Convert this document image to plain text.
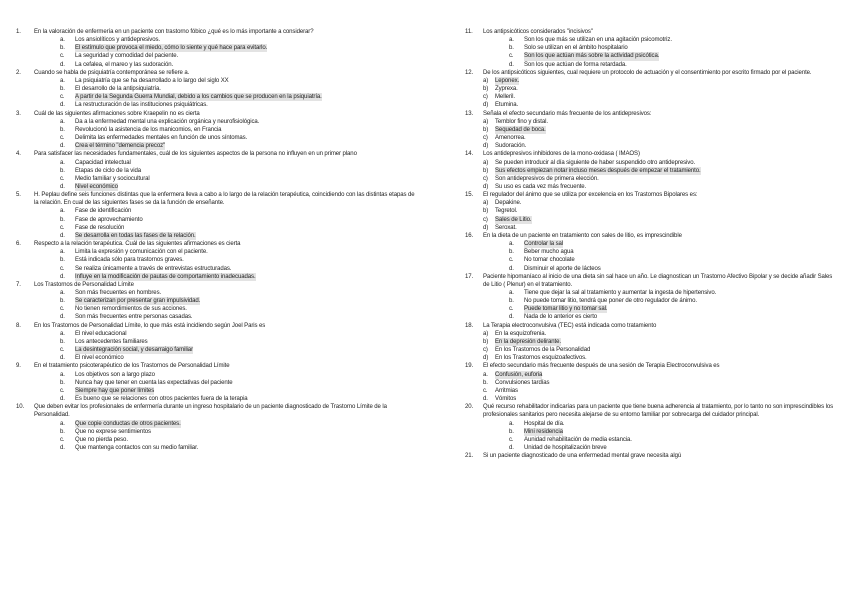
1.	En la valoración de enfermería en un paciente con trastorno fóbico ¿qué es lo más importante a considerar?
a.	Los ansiolíticos y antidepresivos.
b.	El estímulo que provoca el miedo, cómo lo siente y qué hace para evitarlo.
c.	La seguridad y comodidad del paciente.
d.	La cefalea, el mareo y las sudoración.
2.	Cuando se habla de psiquiatría contemporánea se refiere a.
a.	La psiquiatría que se ha desarrollado a lo largo del siglo XX
b.	El desarrollo de la antipsiquiatría.
c.	A partir de la Segunda Guerra Mundial, debido a los cambios que se producen en la psiquiatría.
d.	La restructuración de las instituciones psiquiátricas.
3.	Cuál de las siguientes afirmaciones sobre Kraepelin no es cierta
a.	Da a la enfermedad mental una explicación orgánica y neurofisiológica.
b.	Revolucionó la asistencia de los manicomios, en Francia
c.	Delimita las enfermedades mentales en función de unos síntomas.
d.	Crea el término "demencia precoz"
4.	Para satisfacer las necesidades fundamentales, cuál de los siguientes aspectos de la persona no influyen en un primer plano
a.	Capacidad intelectual
b.	Etapas de ciclo de la vida
c.	Medio familiar y sociocultural
d.	Nivel económico
5.	H. Peplau define seis funciones distintas que la enfermera lleva a cabo a lo largo de la relación terapéutica, coincidiendo con las distintas etapas de la relación. En cual de las siguientes fases se da la función de enseñante.
a.	Fase de identificación
b.	Fase de aprovechamiento
c.	Fase de resolución
d.	Se desarrolla en todas las fases de la relación.
6.	Respecto a la relación terapéutica. Cuál de las siguientes afirmaciones es cierta
a.	Limita la expresión y comunicación con el paciente.
b.	Está indicada sólo para trastornos graves.
c.	Se realiza únicamente a través de entrevistas estructuradas.
d.	Influye en la modificación de pautas de comportamiento inadecuadas.
7.	Los Trastornos de Personalidad Límite
a.	Son más frecuentes en hombres.
b.	Se caracterizan por presentar gran impulsividad.
c.	No tienen remordimientos de sus acciones.
d.	Son más frecuentes entre personas casadas.
8.	En los Trastornos de Personalidad Límite, lo que más está incidiendo según Joel Paris es
a.	El nivel educacional
b.	Los antecedentes familiares
c.	La desintegración social, y desarraigo familiar
d.	El nivel económico
9.	En el tratamiento psicoterapéutico de los Trastornos de Personalidad Límite
a.	Los objetivos son a largo plazo
b.	Nunca hay que tener en cuenta las expectativas del paciente
c.	Siempre hay que poner límites
d.	Es bueno que se relaciones con otros pacientes fuera de la terapia
10.	Que deben evitar los profesionales de enfermería durante un ingreso hospitalario de un paciente diagnosticado de Trastorno Límite de la Personalidad.
a.	Que copie conductas de otros pacientes.
b.	Que no exprese sentimientos
c.	Que no pierda peso.
d.	Que mantenga contactos con su medio familiar.
11.	Los antipsicóticos considerados "incisivos"
a.	Son los que más se utilizan en una agitación psicomotriz.
b.	Solo se utilizan en el ámbito hospitalario
c.	Son los que actúan más sobre la actividad psicótica.
d.	Son los que actúan de forma retardada.
12.	De los antipsicóticos siguientes, cual requiere un protocolo de actuación y el consentimiento por escrito firmado por el paciente.
a)	Leponex.
b)	Zyprexa.
c)	Melleril.
d)	Etumina.
13.	Señala el efecto secundario más frecuente de los antidepresivos:
a)	Temblor fino y distal.
b)	Sequedad de boca.
c)	Amenorrea.
d)	Sudoración.
14.	Los antidepresivos inhibidores de la mono-oxidasa ( IMAOS)
a)	Se pueden introducir al día siguiente de haber suspendido otro antidepresivo.
b)	Sus efectos empiezan notar incluso meses después de empezar el tratamiento.
c)	Son antidepresivos de primera elección.
d)	Su uso es cada vez más frecuente.
15.	El regulador del ánimo que se utiliza por excelencia en los Trastornos Bipolares es:
a)	Depakine.
b)	Tegretol.
c)	Sales de Litio.
d)	Seroxat.
16.	En la dieta de un paciente en tratamiento con sales de litio, es imprescindible
a.	Controlar la sal
b.	Beber mucho agua
c.	No tomar chocolate
d.	Disminuir el aporte de lácteos
17.	Paciente hipomaníaco al inicio de una dieta sin sal hace un año. Le diagnostican un Trastorno Afectivo Bipolar y se decide añadir Sales de Litio ( Plenur) en el tratamiento.
a.	Tiene que dejar la sal al tratamiento y aumentar la ingesta de hipertensivo.
b.	No puede tomar litio, tendrá que poner de otro regulador de ánimo.
c.	Puede tomar litio y no tomar sal.
d.	Nada de lo anterior es cierto
18.	La Terapia electroconvulsiva (TEC) está indicada como tratamiento
a)	En la esquizofrenia.
b)	En la depresión delirante.
c)	En los Trastornos de la Personalidad
d)	En los Trastornos esquizoafectivos.
19.	El efecto secundario más frecuente después de una sesión de Terapia Electroconvulsiva es
a.	Confusión, euforia
b.	Convulsiones tardías
c.	Arritmias
d.	Vómitos
20.	Qué recurso rehabilitador indicarías para un paciente que tiene buena adherencia al tratamiento, por lo tanto no son imprescindibles los profesionales sanitarios pero necesita alejarse de su entorno familiar por sobrecarga del cuidador principal.
a.	Hospital de día.
b.	Mini residencia
c.	Aunidad rehabilitación de media estancia.
d.	Unidad de hospitalización breve
21.	Si un paciente diagnosticado de una enfermedad mental grave necesita algú
